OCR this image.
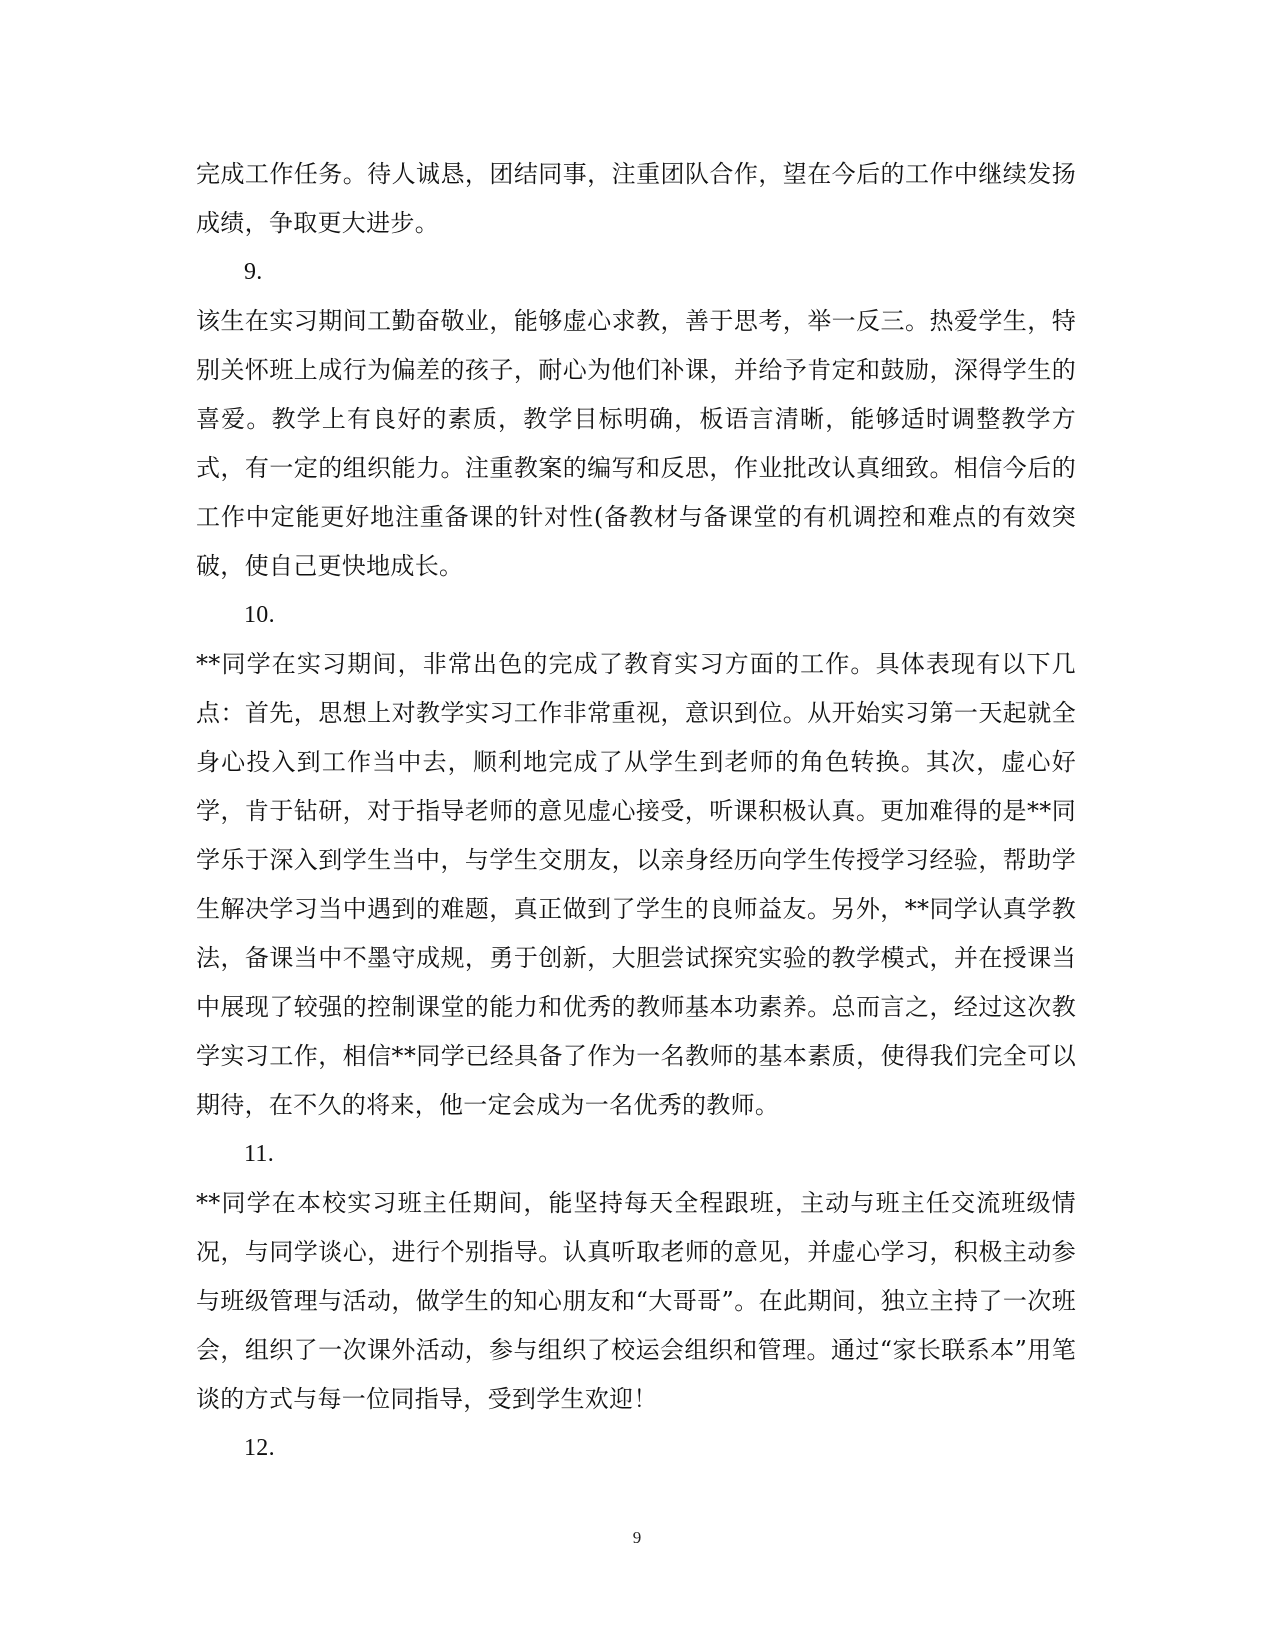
完成工作任务。待人诚恳，团结同事，注重团队合作，望在今后的工作中继续发扬成绩，争取更大进步。

9.

该生在实习期间工勤奋敬业，能够虚心求教，善于思考，举一反三。热爱学生，特别关怀班上成行为偏差的孩子，耐心为他们补课，并给予肯定和鼓励，深得学生的喜爱。教学上有良好的素质，教学目标明确，板语言清晰，能够适时调整教学方式，有一定的组织能力。注重教案的编写和反思，作业批改认真细致。相信今后的工作中定能更好地注重备课的针对性(备教材与备课堂的有机调控和难点的有效突破，使自己更快地成长。

10.

**同学在实习期间，非常出色的完成了教育实习方面的工作。具体表现有以下几点：首先，思想上对教学实习工作非常重视，意识到位。从开始实习第一天起就全身心投入到工作当中去，顺利地完成了从学生到老师的角色转换。其次，虚心好学，肯于钻研，对于指导老师的意见虚心接受，听课积极认真。更加难得的是**同学乐于深入到学生当中，与学生交朋友，以亲身经历向学生传授学习经验，帮助学生解决学习当中遇到的难题，真正做到了学生的良师益友。另外，**同学认真学教法，备课当中不墨守成规，勇于创新，大胆尝试探究实验的教学模式，并在授课当中展现了较强的控制课堂的能力和优秀的教师基本功素养。总而言之，经过这次教学实习工作，相信**同学已经具备了作为一名教师的基本素质，使得我们完全可以期待，在不久的将来，他一定会成为一名优秀的教师。

11.

**同学在本校实习班主任期间，能坚持每天全程跟班，主动与班主任交流班级情况，与同学谈心，进行个别指导。认真听取老师的意见，并虚心学习，积极主动参与班级管理与活动，做学生的知心朋友和“大哥哥”。在此期间，独立主持了一次班会，组织了一次课外活动，参与组织了校运会组织和管理。通过“家长联系本”用笔谈的方式与每一位同指导，受到学生欢迎！

12.

9
